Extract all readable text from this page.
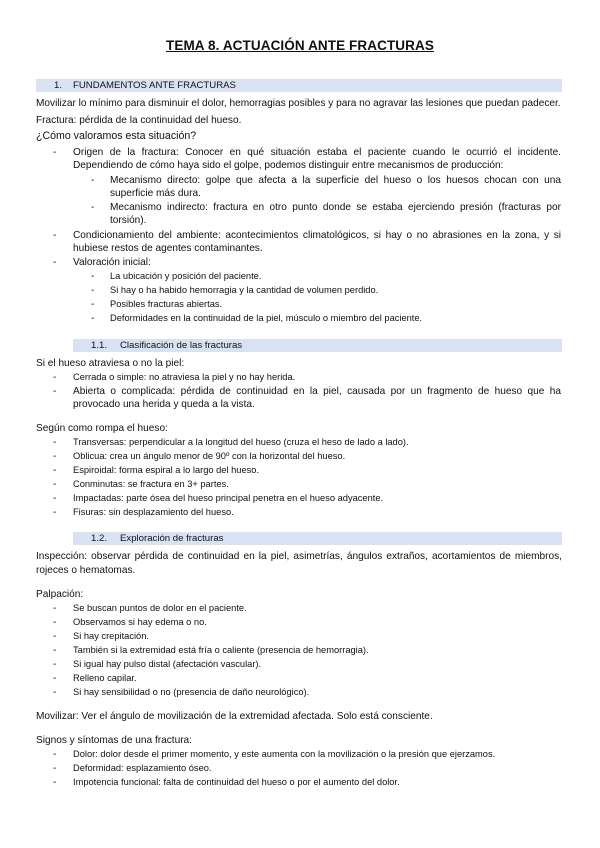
TEMA 8. ACTUACIÓN ANTE FRACTURAS
1. FUNDAMENTOS ANTE FRACTURAS
Movilizar lo mínimo para disminuir el dolor, hemorragias posibles y para no agravar las lesiones que puedan padecer.
Fractura: pérdida de la continuidad del hueso.
¿Cómo valoramos esta situación?
- Origen de la fractura: Conocer en qué situación estaba el paciente cuando le ocurrió el incidente.
Dependiendo de cómo haya sido el golpe, podemos distinguir entre mecanismos de producción:
- Mecanismo directo: golpe que afecta a la superficie del hueso o los huesos chocan con una
superficie más dura.
- Mecanismo indirecto: fractura en otro punto donde se estaba ejerciendo presión (fracturas por
torsión).
- Condicionamiento del ambiente: acontecimientos climatológicos, si hay o no abrasiones en la zona, y si
hubiese restos de agentes contaminantes.
- Valoración inicial:
- La ubicación y posición del paciente.
- Si hay o ha habido hemorragia y la cantidad de volumen perdido.
- Posibles fracturas abiertas.
- Deformidades en la continuidad de la piel, músculo o miembro del paciente.
1.1. Clasificación de las fracturas
Si el hueso atraviesa o no la piel:
- Cerrada o simple: no atraviesa la piel y no hay herida.
- Abierta o complicada: pérdida de continuidad en la piel, causada por un fragmento de hueso que ha
provocado una herida y queda a la vista.
Según como rompa el hueso:
- Transversas: perpendicular a la longitud del hueso (cruza el heso de lado a lado).
- Oblicua: crea un ángulo menor de 90º con la horizontal del hueso.
- Espiroidal: forma espiral a lo largo del hueso.
- Conminutas: se fractura en 3+ partes.
- Impactadas: parte ósea del hueso principal penetra en el hueso adyacente.
- Fisuras: sin desplazamiento del hueso.
1.2. Exploración de fracturas
Inspección: observar pérdida de continuidad en la piel, asimetrías, ángulos extraños, acortamientos de miembros,
rojeces o hematomas.
Palpación:
- Se buscan puntos de dolor en el paciente.
- Observamos si hay edema o no.
- Si hay crepitación.
- También si la extremidad está fría o caliente (presencia de hemorragia).
- Si igual hay pulso distal (afectación vascular).
- Relleno capilar.
- Si hay sensibilidad o no (presencia de daño neurológico).
Movilizar: Ver el ángulo de movilización de la extremidad afectada. Solo está consciente.
Signos y síntomas de una fractura:
- Dolor: dolor desde el primer momento, y este aumenta con la movilización o la presión que ejerzamos.
- Deformidad: esplazamiento óseo.
- Impotencia funcional: falta de continuidad del hueso o por el aumento del dolor.
